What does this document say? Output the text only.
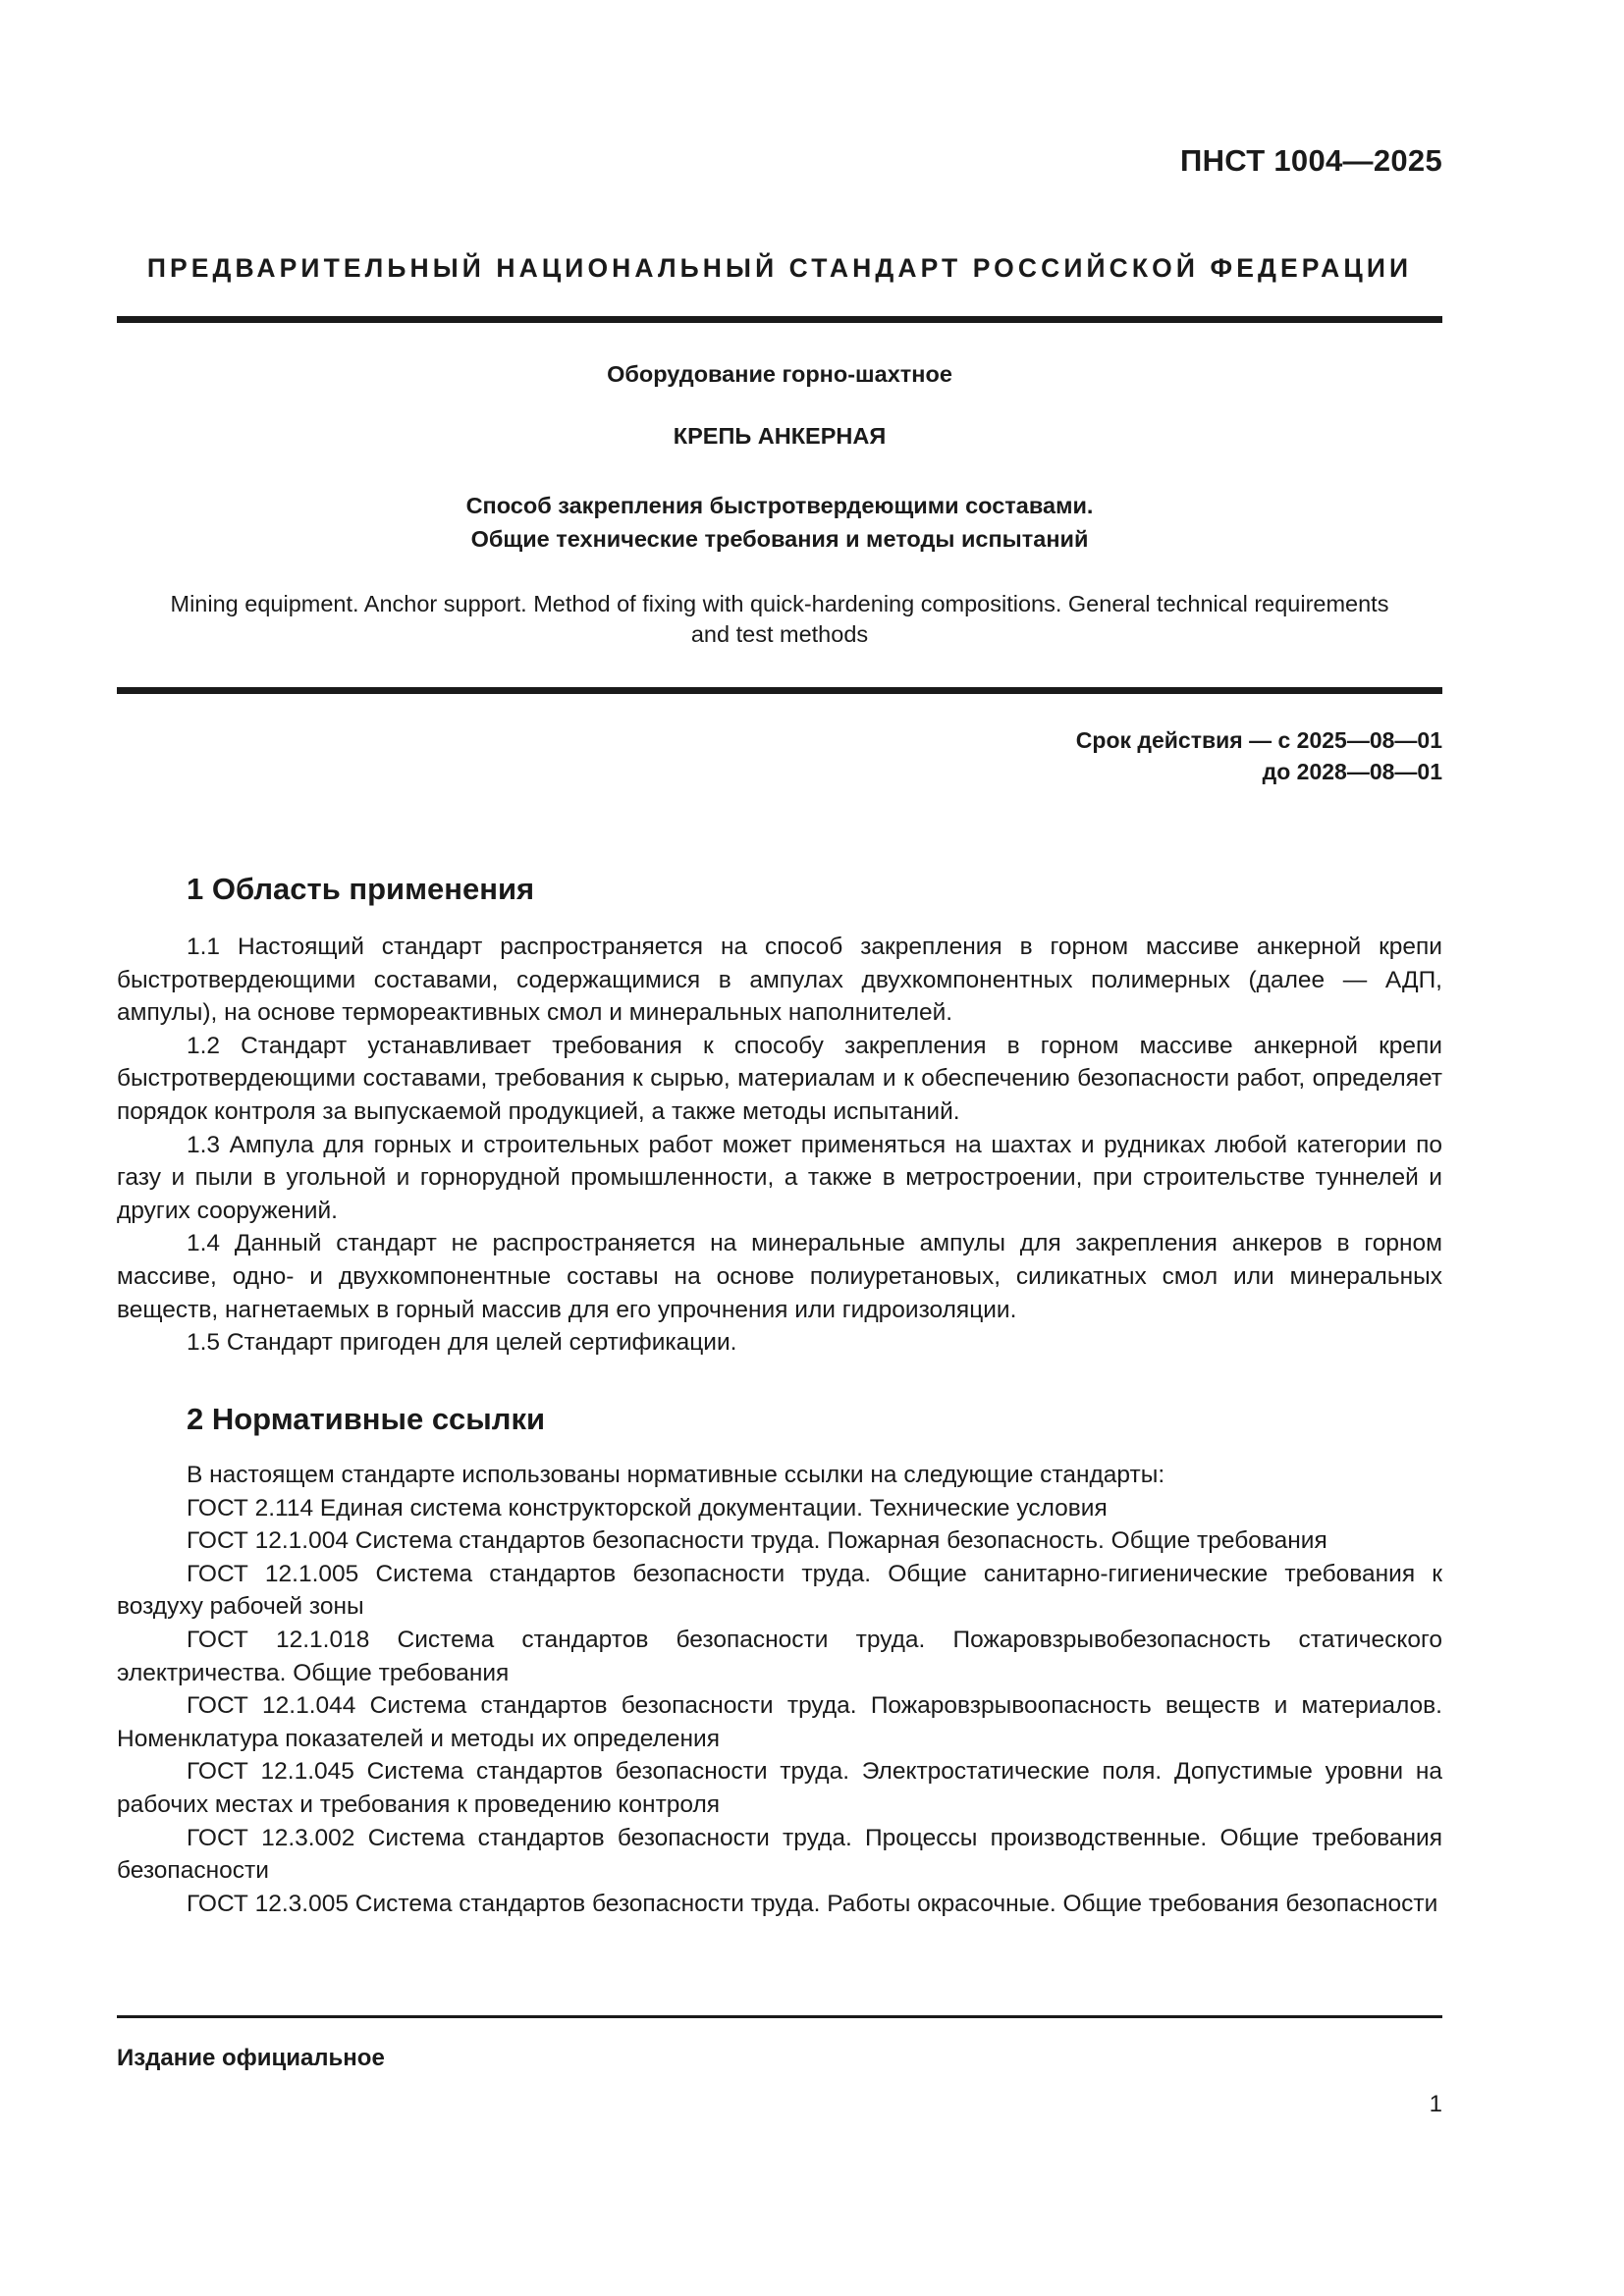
ПНСТ 1004—2025
ПРЕДВАРИТЕЛЬНЫЙ НАЦИОНАЛЬНЫЙ СТАНДАРТ РОССИЙСКОЙ ФЕДЕРАЦИИ
Оборудование горно-шахтное
КРЕПЬ АНКЕРНАЯ
Способ закрепления быстротвердеющими составами.
Общие технические требования и методы испытаний
Mining equipment. Anchor support. Method of fixing with quick-hardening compositions. General technical requirements
and test methods
Срок действия — с 2025—08—01
до 2028—08—01
1 Область применения

1.1 Настоящий стандарт распространяется на способ закрепления в горном массиве анкерной крепи быстротвердеющими составами, содержащимися в ампулах двухкомпонентных полимерных (далее — АДП, ампулы), на основе термореактивных смол и минеральных наполнителей.

1.2 Стандарт устанавливает требования к способу закрепления в горном массиве анкерной крепи быстротвердеющими составами, требования к сырью, материалам и к обеспечению безопасности работ, определяет порядок контроля за выпускаемой продукцией, а также методы испытаний.

1.3 Ампула для горных и строительных работ может применяться на шахтах и рудниках любой категории по газу и пыли в угольной и горнорудной промышленности, а также в метростроении, при строительстве туннелей и других сооружений.

1.4 Данный стандарт не распространяется на минеральные ампулы для закрепления анкеров в горном массиве, одно- и двухкомпонентные составы на основе полиуретановых, силикатных смол или минеральных веществ, нагнетаемых в горный массив для его упрочнения или гидроизоляции.

1.5 Стандарт пригоден для целей сертификации.

2 Нормативные ссылки

В настоящем стандарте использованы нормативные ссылки на следующие стандарты:

ГОСТ 2.114 Единая система конструкторской документации. Технические условия

ГОСТ 12.1.004 Система стандартов безопасности труда. Пожарная безопасность. Общие требования

ГОСТ 12.1.005 Система стандартов безопасности труда. Общие санитарно-гигиенические требования к воздуху рабочей зоны

ГОСТ 12.1.018 Система стандартов безопасности труда. Пожаровзрывобезопасность статического электричества. Общие требования

ГОСТ 12.1.044 Система стандартов безопасности труда. Пожаровзрывоопасность веществ и материалов. Номенклатура показателей и методы их определения

ГОСТ 12.1.045 Система стандартов безопасности труда. Электростатические поля. Допустимые уровни на рабочих местах и требования к проведению контроля

ГОСТ 12.3.002 Система стандартов безопасности труда. Процессы производственные. Общие требования безопасности

ГОСТ 12.3.005 Система стандартов безопасности труда. Работы окрасочные. Общие требования безопасности

Издание официальное
1
